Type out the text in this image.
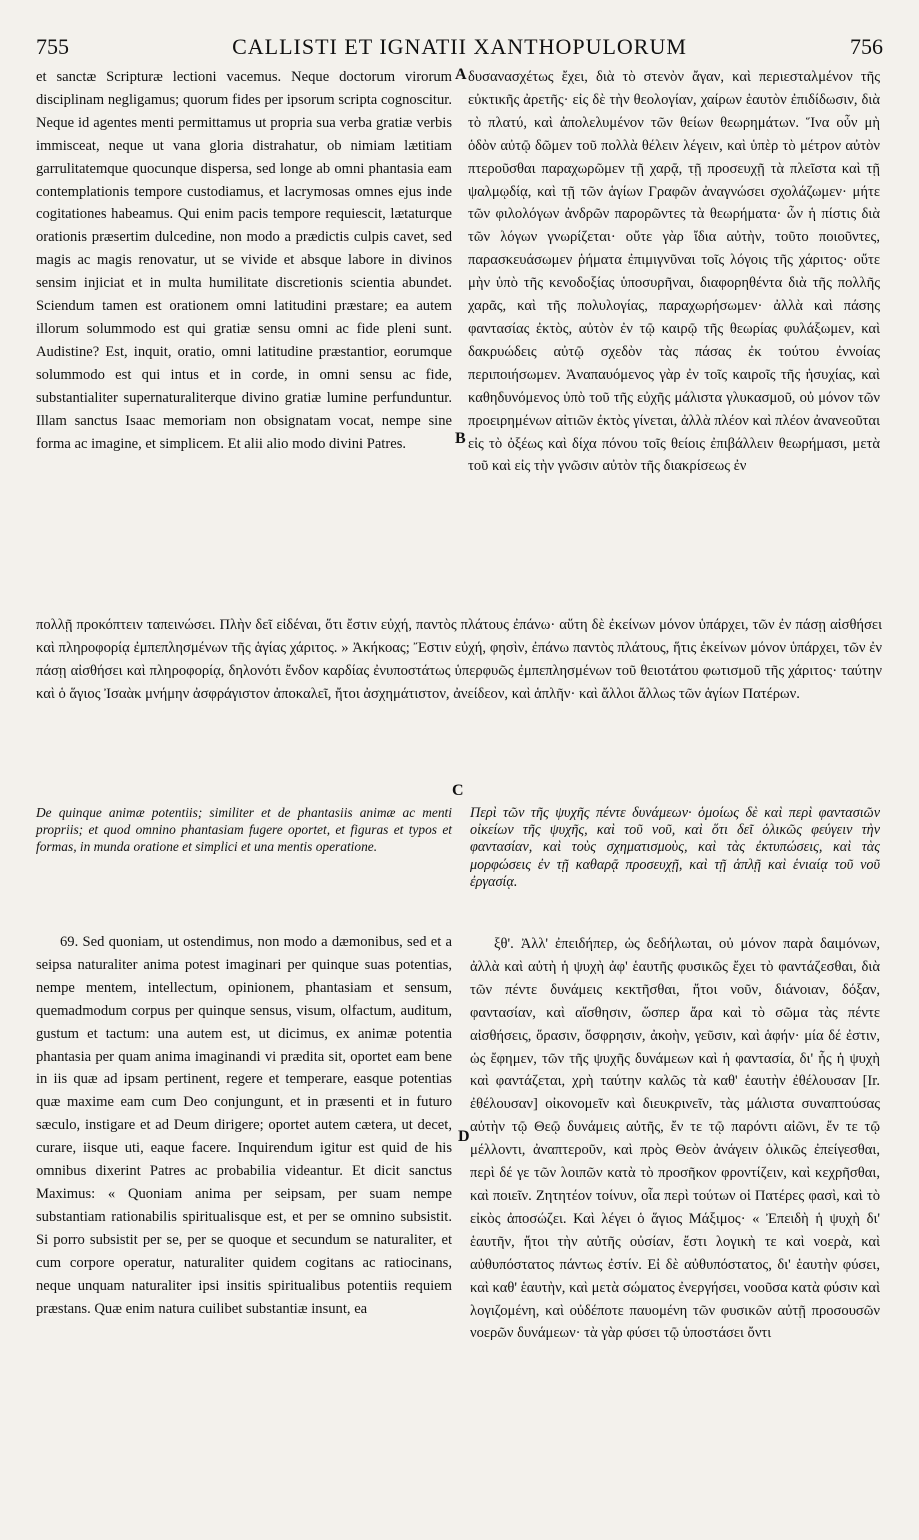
755	CALLISTI ET IGNATII XANTHOPULORUM	756
A
B
C
D

et sanctæ Scripturæ lectioni vacemus. Neque doctorum virorum disciplinam negligamus; quorum fides per ipsorum scripta cognoscitur. Neque id agentes menti permittamus ut propria sua verba gratiæ verbis immisceat, neque ut vana gloria distrahatur, ob nimiam lætitiam garrulitatemque quocunque dispersa, sed longe ab omni phantasia eam contemplationis tempore custodiamus, et lacrymosas omnes ejus inde cogitationes habeamus. Qui enim pacis tempore requiescit, lætaturque orationis præsertim dulcedine, non modo a prædictis culpis cavet, sed magis ac magis renovatur, ut se vivide et absque labore in divinos sensim injiciat et in multa humilitate discretionis scientia abundet. Sciendum tamen est orationem omni latitudini præstare; ea autem illorum solummodo est qui gratiæ sensu omni ac fide pleni sunt. Audistine? Est, inquit, oratio, omni latitudine præstantior, eorumque solummodo est qui intus et in corde, in omni sensu ac fide, substantialiter supernaturaliterque divino gratiæ lumine perfunduntur. Illam sanctus Isaac memoriam non obsignatam vocat, nempe sine forma ac imagine, et simplicem. Et alii alio modo divini Patres.

δυσανασχέτως ἔχει, διὰ τὸ στενὸν ἄγαν, καὶ περιεσταλμένον τῆς εὐκτικῆς ἀρετῆς· εἰς δὲ τὴν θεολογίαν, χαίρων ἑαυτὸν ἐπιδίδωσιν, διὰ τὸ πλατύ, καὶ ἀπολελυμένον τῶν θείων θεωρημάτων. Ἵνα οὖν μὴ ὁδὸν αὐτῷ δῶμεν τοῦ πολλὰ θέλειν λέγειν, καὶ ὑπὲρ τὸ μέτρον αὐτὸν πτεροῦσθαι παραχωρῶμεν τῇ χαρᾷ, τῇ προσευχῇ τὰ πλεῖστα καὶ τῇ ψαλμῳδίᾳ, καὶ τῇ τῶν ἁγίων Γραφῶν ἀναγνώσει σχολάζωμεν· μήτε τῶν φιλολόγων ἀνδρῶν παρορῶντες τὰ θεωρήματα· ὧν ἡ πίστις διὰ τῶν λόγων γνωρίζεται· οὔτε γὰρ ἴδια αὐτὴν, τοῦτο ποιοῦντες, παρασκευάσωμεν ῥήματα ἐπιμιγνῦναι τοῖς λόγοις τῆς χάριτος· οὔτε μὴν ὑπὸ τῆς κενοδοξίας ὑποσυρῆναι, διαφορηθέντα διὰ τῆς πολλῆς χαρᾶς, καὶ τῆς πολυλογίας, παραχωρήσωμεν· ἀλλὰ καὶ πάσης φαντασίας ἐκτὸς, αὐτὸν ἐν τῷ καιρῷ τῆς θεωρίας φυλάξωμεν, καὶ δακρυώδεις αὐτῷ σχεδὸν τὰς πάσας ἐκ τούτου ἐννοίας περιποιήσωμεν. Ἀναπαυόμενος γὰρ ἐν τοῖς καιροῖς τῆς ἡσυχίας, καὶ καθηδυνόμενος ὑπὸ τοῦ τῆς εὐχῆς μάλιστα γλυκασμοῦ, οὐ μόνον τῶν προειρημένων αἰτιῶν ἐκτὸς γίνεται, ἀλλὰ πλέον καὶ πλέον ἀνανεοῦται εἰς τὸ ὀξέως καὶ δίχα πόνου τοῖς θείοις ἐπιβάλλειν θεωρήμασι, μετὰ τοῦ καὶ εἰς τὴν γνῶσιν αὐτὸν τῆς διακρίσεως ἐν

πολλῇ προκόπτειν ταπεινώσει. Πλὴν δεῖ εἰδέναι, ὅτι ἔστιν εὐχή, παντὸς πλάτους ἐπάνω· αὕτη δὲ ἐκείνων μόνον ὑπάρχει, τῶν ἐν πάσῃ αἰσθήσει καὶ πληροφορίᾳ ἐμπεπλησμένων τῆς ἁγίας χάριτος. » Ἀκήκοας; Ἔστιν εὐχή, φησὶν, ἐπάνω παντὸς πλάτους, ἥτις ἐκείνων μόνον ὑπάρχει, τῶν ἐν πάσῃ αἰσθήσει καὶ πληροφορίᾳ, δηλονότι ἔνδον καρδίας ἐνυποστάτως ὑπερφυῶς ἐμπεπλησμένων τοῦ θειοτάτου φωτισμοῦ τῆς χάριτος· ταύτην καὶ ὁ ἅγιος Ἰσαὰκ μνήμην ἀσφράγιστον ἀποκαλεῖ, ἤτοι ἀσχημάτιστον, ἀνείδεον, καὶ ἁπλῆν· καὶ ἄλλοι ἄλλως τῶν ἁγίων Πατέρων.

De quinque animæ potentiis; similiter et de phantasiis animæ ac menti propriis; et quod omnino phantasiam fugere oportet, et figuras et typos et formas, in munda oratione et simplici et una mentis operatione.

Περὶ τῶν τῆς ψυχῆς πέντε δυνάμεων· ὁμοίως δὲ καὶ περὶ φαντασιῶν οἰκείων τῆς ψυχῆς, καὶ τοῦ νοῦ, καὶ ὅτι δεῖ ὁλικῶς φεύγειν τὴν φαντασίαν, καὶ τοὺς σχηματισμοὺς, καὶ τὰς ἐκτυπώσεις, καὶ τὰς μορφώσεις ἐν τῇ καθαρᾷ προσευχῇ, καὶ τῇ ἁπλῇ καὶ ἑνιαίᾳ τοῦ νοῦ ἐργασίᾳ.

69. Sed quoniam, ut ostendimus, non modo a dæmonibus, sed et a seipsa naturaliter anima potest imaginari per quinque suas potentias, nempe mentem, intellectum, opinionem, phantasiam et sensum, quemadmodum corpus per quinque sensus, visum, olfactum, auditum, gustum et tactum: una autem est, ut dicimus, ex animæ potentia phantasia per quam anima imaginandi vi prædita sit, oportet eam bene in iis quæ ad ipsam pertinent, regere et temperare, easque potentias quæ maxime eam cum Deo conjungunt, et in præsenti et in futuro sæculo, instigare et ad Deum dirigere; oportet autem cætera, ut decet, curare, iisque uti, eaque facere. Inquirendum igitur est quid de his omnibus dixerint Patres ac probabilia videantur. Et dicit sanctus Maximus: « Quoniam anima per seipsam, per suam nempe substantiam rationabilis spiritualisque est, et per se omnino subsistit. Si porro subsistit per se, per se quoque et secundum se naturaliter, et cum corpore operatur, naturaliter quidem cogitans ac ratiocinans, neque unquam naturaliter ipsi insitis spiritualibus potentiis requiem præstans. Quæ enim natura cuilibet substantiæ insunt, ea

ξθ'. Ἀλλ' ἐπειδήπερ, ὡς δεδήλωται, οὐ μόνον παρὰ δαιμόνων, ἀλλὰ καὶ αὐτὴ ἡ ψυχὴ ἀφ' ἑαυτῆς φυσικῶς ἔχει τὸ φαντάζεσθαι, διὰ τῶν πέντε δυνάμεις κεκτῆσθαι, ἤτοι νοῦν, διάνοιαν, δόξαν, φαντασίαν, καὶ αἴσθησιν, ὥσπερ ἄρα καὶ τὸ σῶμα τὰς πέντε αἰσθήσεις, ὅρασιν, ὄσφρησιν, ἀκοὴν, γεῦσιν, καὶ ἁφήν· μία δέ ἐστιν, ὡς ἔφημεν, τῶν τῆς ψυχῆς δυνάμεων καὶ ἡ φαντασία, δι' ἧς ἡ ψυχὴ καὶ φαντάζεται, χρὴ ταύτην καλῶς τὰ καθ' ἑαυτὴν ἐθέλουσαν [Ir. ἐθέλουσαν] οἰκονομεῖν καὶ διευκρινεῖν, τὰς μάλιστα συναπτούσας αὐτὴν τῷ Θεῷ δυνάμεις αὐτῆς, ἔν τε τῷ παρόντι αἰῶνι, ἔν τε τῷ μέλλοντι, ἀναπτεροῦν, καὶ πρὸς Θεὸν ἀνάγειν ὁλικῶς ἐπείγεσθαι, περὶ δέ γε τῶν λοιπῶν κατὰ τὸ προσῆκον φροντίζειν, καὶ κεχρῆσθαι, καὶ ποιεῖν. Ζητητέον τοίνυν, οἷα περὶ τούτων οἱ Πατέρες φασὶ, καὶ τὸ εἰκὸς ἀποσώζει. Καὶ λέγει ὁ ἅγιος Μάξιμος· « Ἐπειδὴ ἡ ψυχὴ δι' ἑαυτῆν, ἤτοι τὴν αὐτῆς οὐσίαν, ἔστι λογικὴ τε καὶ νοερὰ, καὶ αὐθυπόστατος πάντως ἐστίν. Εἰ δὲ αὐθυπόστατος, δι' ἑαυτὴν φύσει, καὶ καθ' ἑαυτὴν, καὶ μετὰ σώματος ἐνεργήσει, νοοῦσα κατὰ φύσιν καὶ λογιζομένη, καὶ οὐδέποτε παυομένη τῶν φυσικῶν αὐτῇ προσουσῶν νοερῶν δυνάμεων· τὰ γὰρ φύσει τῷ ὑποστάσει ὄντι
